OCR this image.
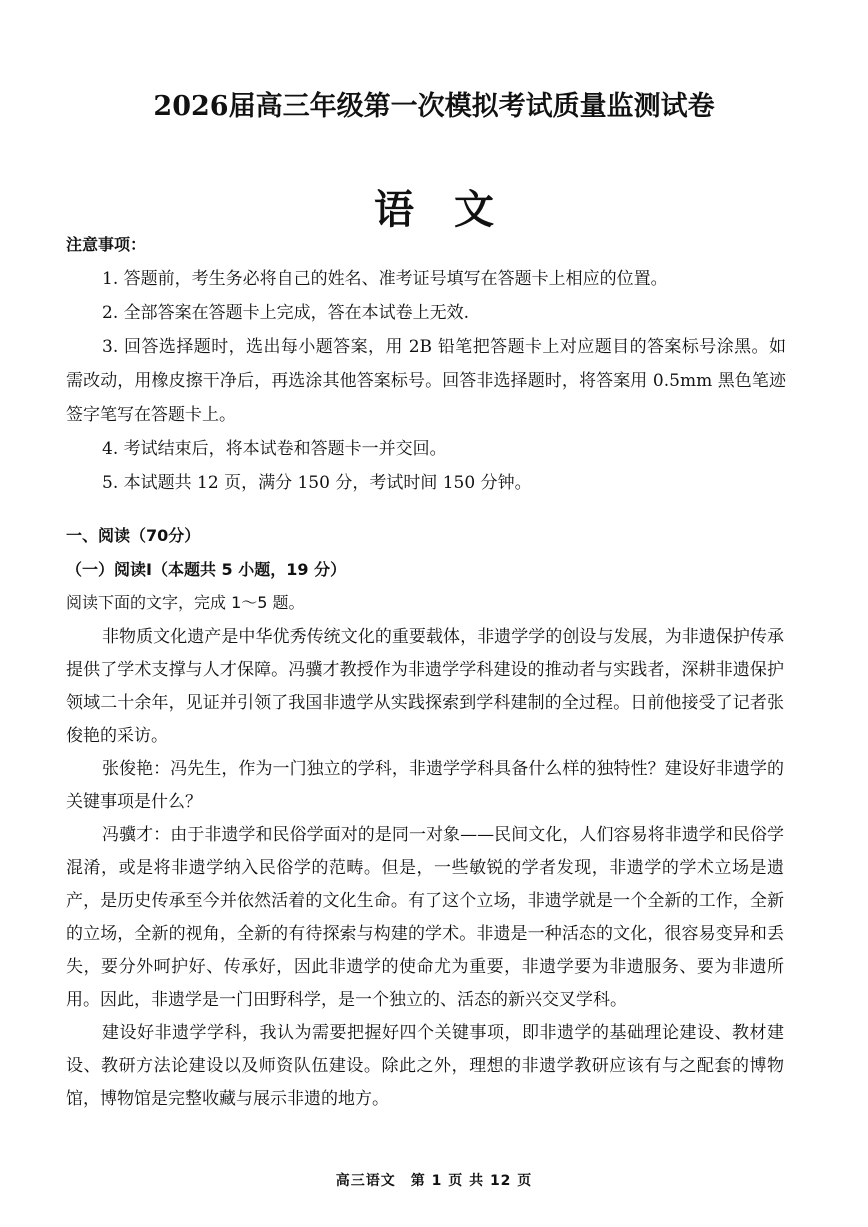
2026届高三年级第一次模拟考试质量监测试卷
语文
注意事项：

1. 答题前，考生务必将自己的姓名、准考证号填写在答题卡上相应的位置。

2. 全部答案在答题卡上完成，答在本试卷上无效.

3. 回答选择题时，选出每小题答案，用 2B 铅笔把答题卡上对应题目的答案标号涂黑。如需改动，用橡皮擦干净后，再选涂其他答案标号。回答非选择题时，将答案用 0.5mm 黑色笔迹签字笔写在答题卡上。

4. 考试结束后，将本试卷和答题卡一并交回。

5. 本试题共 12 页，满分 150 分，考试时间 150 分钟。

一、阅读（70分）
（一）阅读I（本题共 5 小题，19 分）
阅读下面的文字，完成 1～5 题。

非物质文化遗产是中华优秀传统文化的重要载体，非遗学学的创设与发展，为非遗保护传承提供了学术支撑与人才保障。冯骥才教授作为非遗学学科建设的推动者与实践者，深耕非遗保护领域二十余年，见证并引领了我国非遗学从实践探索到学科建制的全过程。日前他接受了记者张俊艳的采访。

张俊艳：冯先生，作为一门独立的学科，非遗学学科具备什么样的独特性？建设好非遗学的关键事项是什么？

冯骥才：由于非遗学和民俗学面对的是同一对象——民间文化，人们容易将非遗学和民俗学混淆，或是将非遗学纳入民俗学的范畴。但是，一些敏锐的学者发现，非遗学的学术立场是遗产，是历史传承至今并依然活着的文化生命。有了这个立场，非遗学就是一个全新的工作，全新的立场，全新的视角，全新的有待探索与构建的学术。非遗是一种活态的文化，很容易变异和丢失，要分外呵护好、传承好，因此非遗学的使命尤为重要，非遗学要为非遗服务、要为非遗所用。因此，非遗学是一门田野科学，是一个独立的、活态的新兴交叉学科。

建设好非遗学学科，我认为需要把握好四个关键事项，即非遗学的基础理论建设、教材建设、教研方法论建设以及师资队伍建设。除此之外，理想的非遗学教研应该有与之配套的博物馆，博物馆是完整收藏与展示非遗的地方。

高三语文　第 1 页 共 12 页
